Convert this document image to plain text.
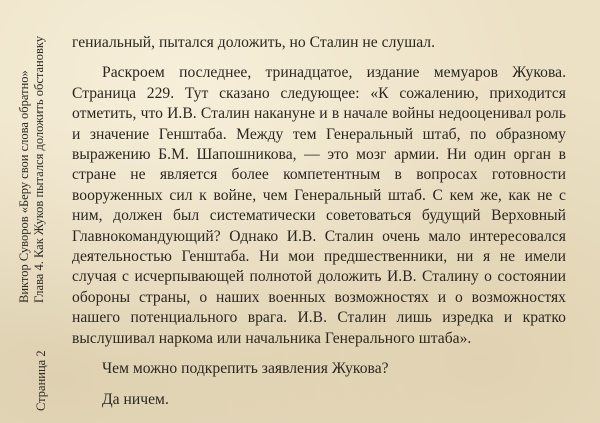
Страница 2
Виктор Суворов «Беру свои слова обратно» Глава 4. Как Жуков пытался доложить обстановку гениальный, пытался доложить, но Сталин не слушал.

Раскроем последнее, тринадцатое, издание мемуаров Жукова. Страница 229. Тут сказано следующее: «К сожалению, приходится отметить, что И.В. Сталин накануне и в начале войны недооценивал роль и значение Генштаба. Между тем Генеральный штаб, по образному выражению Б.М. Шапошникова, — это мозг армии. Ни один орган в стране не является более компетентным в вопросах готовности вооруженных сил к войне, чем Генеральный штаб. С кем же, как не с ним, должен был систематически советоваться будущий Верховный Главнокомандующий? Однако И.В. Сталин очень мало интересовался деятельностью Генштаба. Ни мои предшественники, ни я не имели случая с исчерпывающей полнотой доложить И.В. Сталину о состоянии обороны страны, о наших военных возможностях и о возможностях нашего потенциального врага. И.В. Сталин лишь изредка и кратко выслушивал наркома или начальника Генерального штаба».

Чем можно подкрепить заявления Жукова?

Да ничем.
